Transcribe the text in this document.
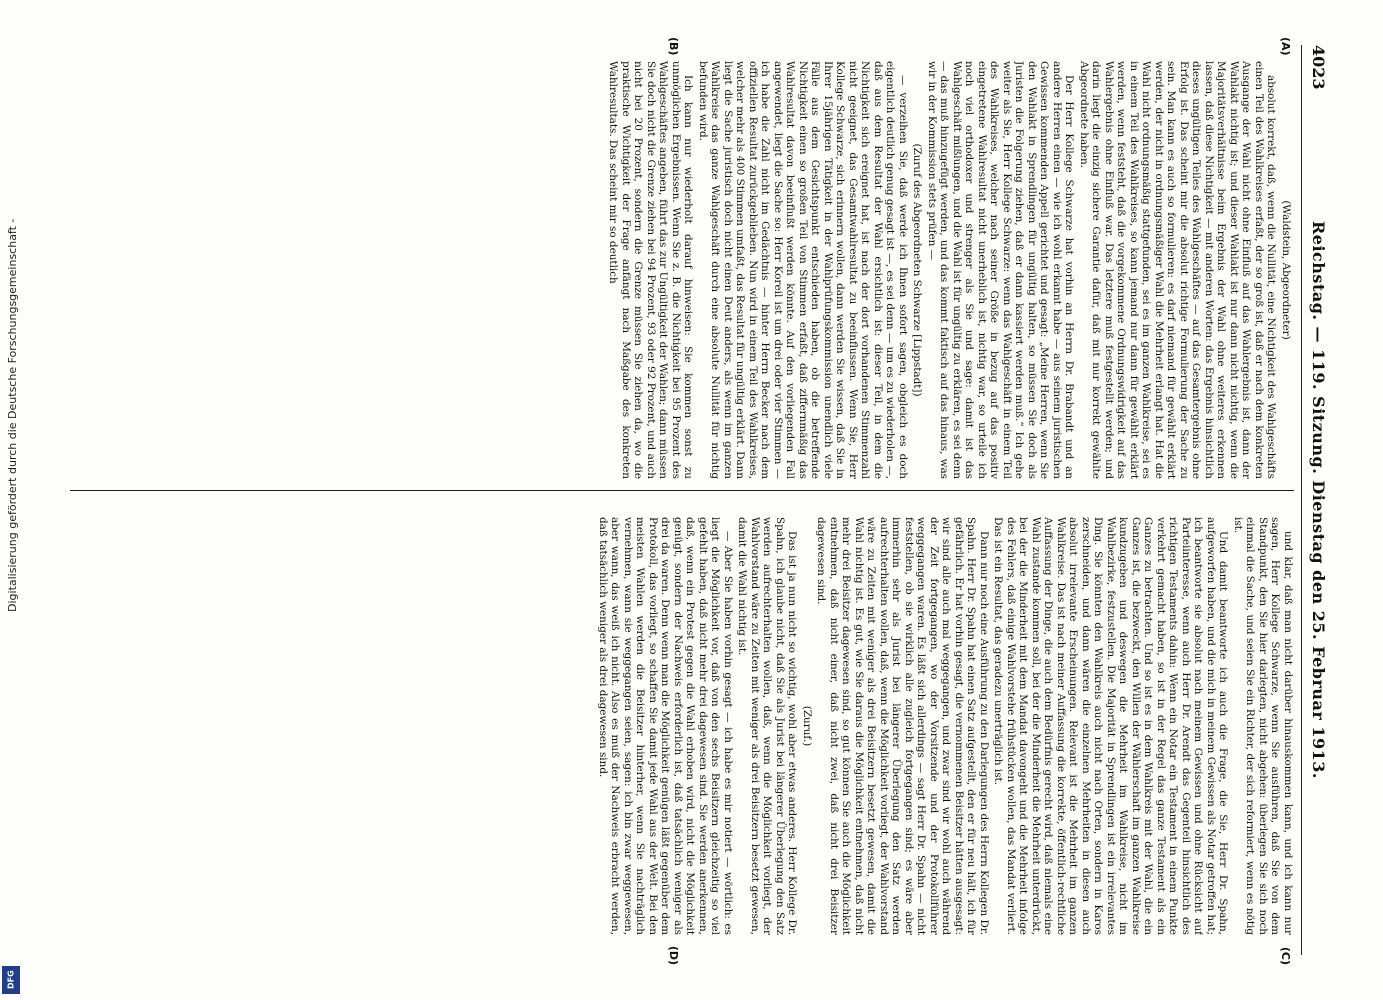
4023
Reichstag. — 119. Sitzung. Dienstag den 25. Februar 1913.
(C)
(D)
(A)
(B)

(Waldstein, Abgeordneter)

absolut korrekt, daß, wenn die Nullität, eine Nichtigkeit des Wahlgeschäfts einen Teil des Wahlkreises erfaßt, der so groß ist, daß er nach dem konkreten Ausgange der Wahl nicht ohne Einfluß auf das Wahlergebnis ist, dann der Wahlakt nichtig ist; und dieser Wahlakt ist nur dann nicht nichtig, wenn die Majoritätsverhältnisse beim Ergebnis der Wahl ohne weiteres erkennen lassen, daß diese Nichtigkeit — mit anderen Worten: das Ergebnis hinsichtlich dieses ungültigen Teiles des Wahlgeschäftes — auf das Gesamtergebnis ohne Erfolg ist. Das scheint mir die absolut richtige Formulierung der Sache zu sein. Man kann es auch so formulieren: es darf niemand für gewählt erklärt werden, der nicht in ordnungsmäßiger Wahl die Mehrheit erlangt hat. Hat die Wahl nicht ordnungsmäßig stattgefunden, sei es im ganzen Wahlkreise, sei es in einem Teil des Wahlkreises, so kann jemand nur dann für gewählt erklärt werden, wenn feststeht, daß die vorgekommene Ordnungswidrigkeit auf das Wahlergebnis ohne Einfluß war. Das letztere muß festgestellt werden; und darin liegt die einzig sichere Garantie dafür, daß mit nur korrekt gewählte Abgeordnete haben.

Der Herr Kollege Schwarze hat vorhin an Herrn Dr. Brabandt und an andere Herren einen — wie ich wohl erkannt habe — aus seinem juristischen Gewissen kommenden Appell gerichtet und gesagt: „Meine Herren, wenn Sie den Wahlakt in Sprendlingen für ungültig halten, so müssen Sie doch als Juristen die Folgerung ziehen, daß er dann kassiert werden muß.“ Ich gehe weiter als Sie, Herr Kollege Schwarze: wenn das Wahlgeschäft in einem Teil des Wahlkreises, welcher nach seiner Größe in bezug auf das positiv eingetretene Wahlresultat nicht unerheblich ist, nichtig war, so urteile ich noch viel orthodoxer und strenger als Sie und sage: damit ist das Wahlgeschäft mißlungen, und die Wahl ist für ungültig zu erklären, es sei denn — das muß hinzugefügt werden, und das kommt faktisch auf das hinaus, was wir in der Kommission stets prüfen —

(Zuruf des Abgeordneten Schwarze [Lippstadt])

— verzeihen Sie, daß werde ich Ihnen sofort sagen, obgleich es doch eigentlich deutlich genug gesagt ist —, es sei denn — um es zu wiederholen —, daß aus dem Resultat der Wahl ersichtlich ist: dieser Teil, in dem die Nichtigkeit sich ereignet hat, ist nach der dort vorhandenen Stimmenzahl nicht geeignet, das Gesamtwahlresultat zu beeinflussen. Wenn Sie, Herr Kollege Schwarze, sich erinnern wollen, dann werden Sie wissen, daß Sie in Ihrer 15jährigen Tätigkeit in der Wahlprüfungskommission unendlich viele Fälle aus dem Gesichtspunkt entschieden haben, ob die betreffende Nichtigkeit einen so großen Teil von Stimmen erfaßt, daß ziffernmäßig das Wahlresultat davon beeinflußt werden könnte. Auf den vorliegenden Fall angewendet, liegt die Sache so: Herr Koreil ist um drei oder vier Stimmen — ich habe die Zahl nicht im Gedächtnis — hinter Herrn Becker nach dem offiziellen Resultat zurückgeblieben. Nun wird in einem Teil des Wahlkreises, welcher mehr als 400 Stimmen umfaßt, das Resultat für ungültig erklärt. Dann liegt die Sache juristisch doch nicht einen Deut anders, als wenn im ganzen Wahlkreise das ganze Wahlgeschäft durch eine absolute Nullität für nichtig befunden wird.

Ich kann nur wiederholt darauf hinweisen: Sie kommen sonst zu unmöglichen Ergebnissen. Wenn Sie z. B. die Nichtigkeit bei 95 Prozent des Wahlgeschäftes angeben, führt das zur Ungültigkeit der Wahlen; dann müssen Sie doch nicht die Grenze ziehen bei 94 Prozent, 93 oder 92 Prozent, und auch nicht bei 20 Prozent, sondern die Grenze müssen Sie ziehen da, wo die praktische Wichtigkeit der Frage anfängt nach Maßgabe des konkreten Wahlresultats. Das scheint mir so deutlich

und klar, daß man nicht darüber hinauskommen kann, und ich kann nur sagen, Herr Kollege Schwarze, wenn Sie ausführen, daß Sie von dem Standpunkt, den Sie hier darlegten, nicht abgehen: überlegen Sie sich noch einmal die Sache, und seien Sie ein Richter, der sich reformiert, wenn es nötig ist.

Und damit beantworte ich auch die Frage, die Sie, Herr Dr. Spahn, aufgeworfen haben, und die mich in meinem Gewissen als Notar getroffen hat; ich beantworte sie absolut nach meinem Gewissen und ohne Rücksicht auf Parteiinteresse, wenn auch Herr Dr. Arendt das Gegenteil hinsichtlich des richtigen Testaments dahin: Wenn ein Notar ein Testament in einem Punkte verkehrt gemacht haben, so ist in der Regel das ganze Testament als ein Ganzes zu betrachten. Und so ist es in dem Wahlkreis mit der Wahl, die ein Ganzes ist, die bezweckt, den Willen der Wählerschaft im ganzen Wahlkreise kundzugeben und deswegen die Mehrheit im Wahlkreise, nicht im Wahlbezirke, festzustellen. Die Majorität in Sprendlingen ist ein irrelevantes Ding. Sie könnten den Wahlkreis auch nicht nach Orten, sondern in Karos zerschneiden, und dann wären die einzelnen Mehrheiten in diesen auch absolut irrelevante Erscheinungen. Relevant ist die Mehrheit im ganzen Wahlkreise. Das ist nach meiner Auffassung die korrekte, öffentlich-rechtliche Auffassung der Dinge, die auch dem Bedürfnis gerecht wird, daß niemals eine Wahl zustande kommen soll, bei der die Minderheit die Mehrheit unterdrückt, bei der die Minderheit mit dem Mandat davongeht und die Mehrheit infolge des Fehlers, daß einige Wahlvorstehe frühstücken wollen, das Mandat verliert. Das ist ein Resultat, das geradezu unerträglich ist.

Dann nur noch eine Ausführung zu den Darlegungen des Herrn Kollegen Dr. Spahn. Herr Dr. Spahn hat einen Satz aufgestellt, den er für neu hält, ich für gefährlich. Er hat vorhin gesagt, die vernommenen Beisitzer hätten ausgesagt: wir sind alle auch mal weggegangen, und zwar sind wir wohl auch während der Zeit fortgegangen, wo der Vorsitzende und der Protokollführer weggegangen waren. Es läßt sich allerdings — sagt Herr Dr. Spahn — nicht feststellen, ob sie wirklich alle zugleich fortgegangen sind; es wäre aber immerhin sehr als Jurist bei längerer Überlegung den Satz werden aufrechterhalten wollen, daß, wenn die Möglichkeit vorliegt, der Wahlvorstand wäre zu Zeiten mit weniger als drei Beisitzern besetzt gewesen, damit die Wahl nichtig ist. Es gut, wie Sie daraus die Möglichkeit entnehmen, daß nicht mehr drei Beisitzer dagewesen sind, so gut können Sie auch die Möglichkeit entnehmen, daß nicht einer, daß nicht zwei, daß nicht drei Beisitzer dagewesen sind.

(Zuruf.)

Das ist ja nun nicht so wichtig, wohl aber etwas anderes. Herr Kollege Dr. Spahn, ich glaube nicht, daß Sie als Jurist bei längerer Überlegung den Satz werden aufrechterhalten wollen, daß, wenn die Möglichkeit vorliegt, der Wahlvorstand wäre zu Zeiten mit weniger als drei Beisitzern besetzt gewesen, damit die Wahl nichtig ist.

— Aber Sie haben vorhin gesagt — ich habe es mir notiert — wörtlich: es liegt die Möglichkeit vor, daß von den sechs Beisitzern gleichzeitig so viel gefehlt haben, daß nicht mehr drei dagewesen sind. Sie werden anerkennen, daß, wenn ein Protest gegen die Wahl erhoben wird, nicht die Möglichkeit genügt, sondern der Nachweis erforderlich ist, daß tatsächlich weniger als drei da waren. Denn wenn man die Möglichkeit genügen läßt gegenüber dem Protokoll, das vorliegt, so schaffen Sie damit jede Wahl aus der Welt. Bei den meisten Wahlen werden die Beisitzer hinterher, wenn Sie nachträglich vernehmen, wann sie weggegangen seien, sagen: ich bin zwar weggewesen, aber wann, das weiß ich nicht. Also es muß der Nachweis erbracht werden, daß tatsächlich weniger als drei dagewesen sind.

Digitalisierung gefördert durch die Deutsche Forschungsgemeinschaft -
DFG
